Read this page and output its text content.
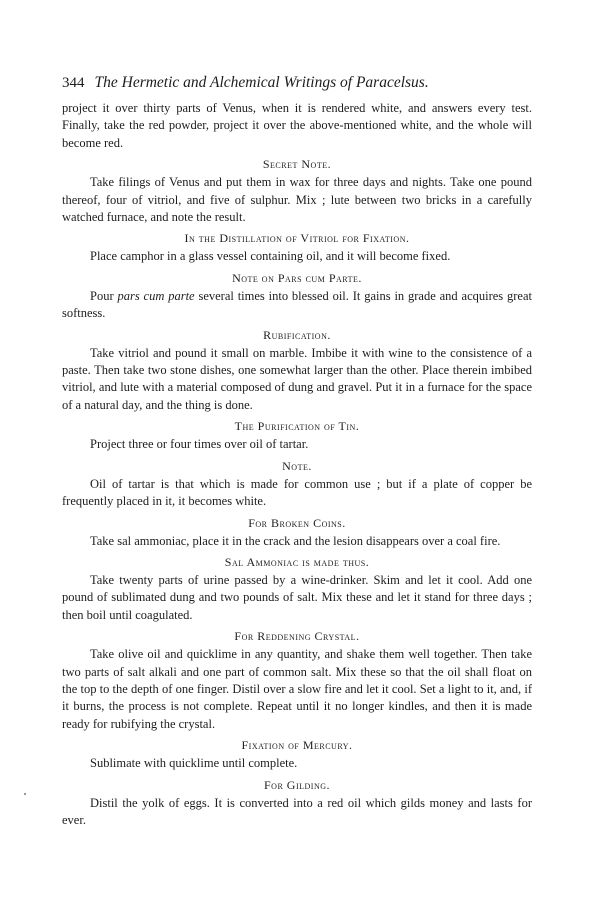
344 The Hermetic and Alchemical Writings of Paracelsus.

project it over thirty parts of Venus, when it is rendered white, and answers every test. Finally, take the red powder, project it over the above-mentioned white, and the whole will become red.

Secret Note.

Take filings of Venus and put them in wax for three days and nights. Take one pound thereof, four of vitriol, and five of sulphur. Mix ; lute between two bricks in a carefully watched furnace, and note the result.

In the Distillation of Vitriol for Fixation.

Place camphor in a glass vessel containing oil, and it will become fixed.

Note on Pars cum Parte.

Pour pars cum parte several times into blessed oil. It gains in grade and acquires great softness.

Rubification.

Take vitriol and pound it small on marble. Imbibe it with wine to the consistence of a paste. Then take two stone dishes, one somewhat larger than the other. Place therein imbibed vitriol, and lute with a material composed of dung and gravel. Put it in a furnace for the space of a natural day, and the thing is done.

The Purification of Tin.

Project three or four times over oil of tartar.

Note.

Oil of tartar is that which is made for common use ; but if a plate of copper be frequently placed in it, it becomes white.

For Broken Coins.

Take sal ammoniac, place it in the crack and the lesion disappears over a coal fire.

Sal Ammoniac is made thus.

Take twenty parts of urine passed by a wine-drinker. Skim and let it cool. Add one pound of sublimated dung and two pounds of salt. Mix these and let it stand for three days ; then boil until coagulated.

For Reddening Crystal.

Take olive oil and quicklime in any quantity, and shake them well together. Then take two parts of salt alkali and one part of common salt. Mix these so that the oil shall float on the top to the depth of one finger. Distil over a slow fire and let it cool. Set a light to it, and, if it burns, the process is not complete. Repeat until it no longer kindles, and then it is made ready for rubifying the crystal.

Fixation of Mercury.

Sublimate with quicklime until complete.

For Gilding.

Distil the yolk of eggs. It is converted into a red oil which gilds money and lasts for ever.
